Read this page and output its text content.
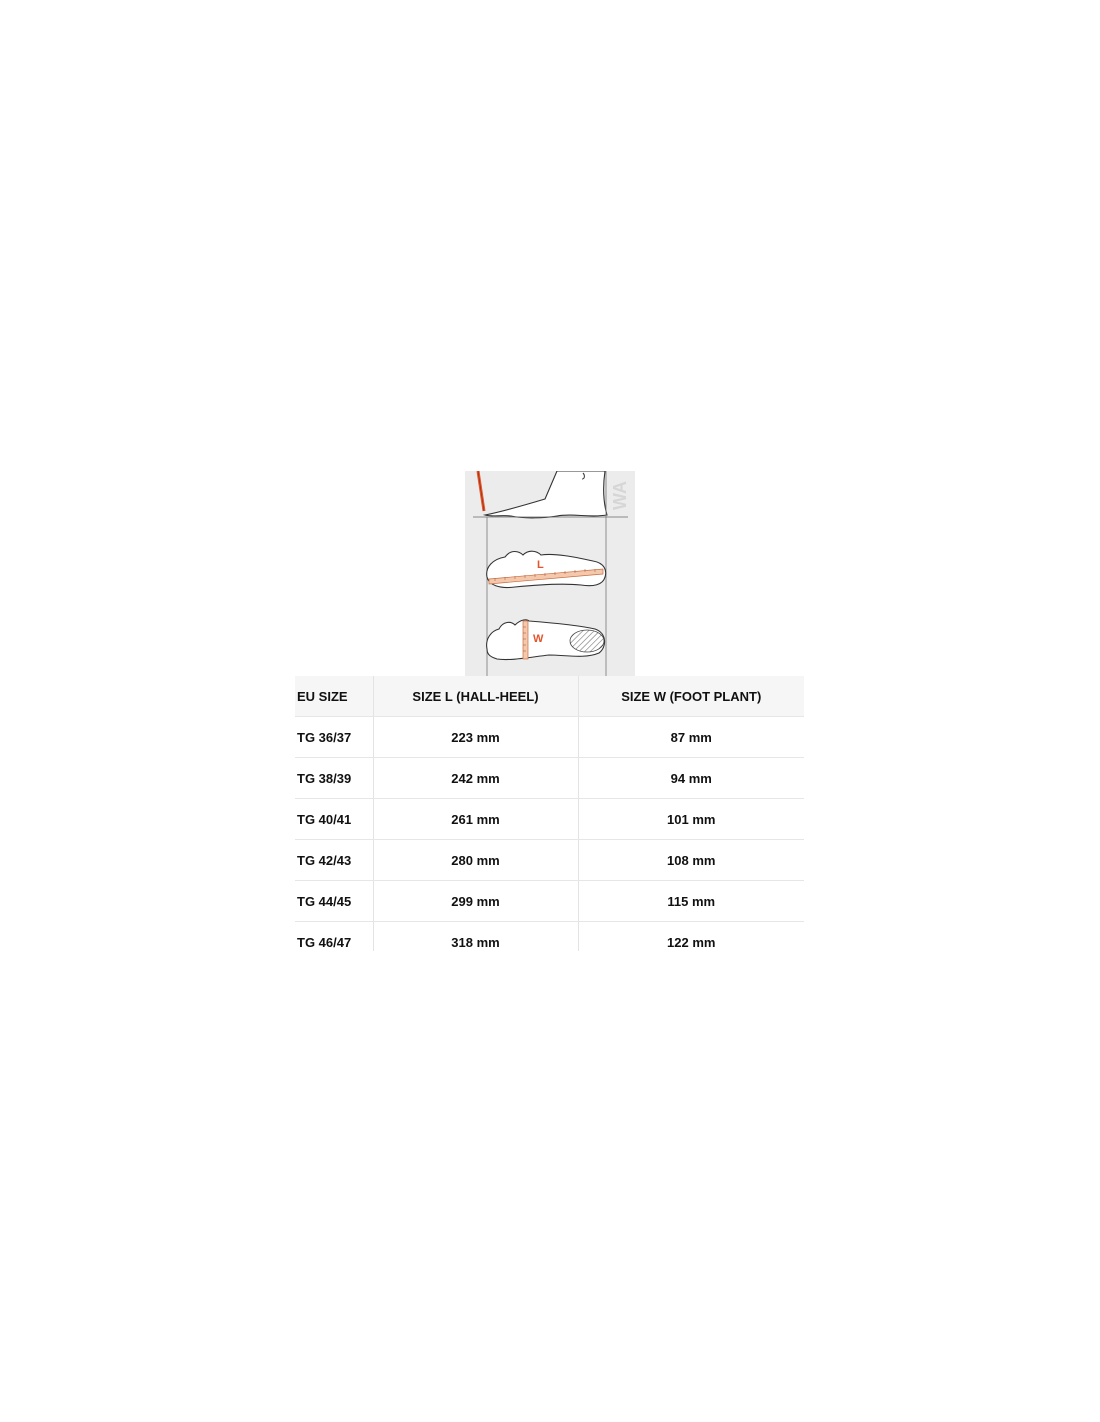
L
W
WA
EU SIZE	SIZE L (HALL-HEEL)	SIZE W (FOOT PLANT)
TG 36/37	223 mm	87 mm
TG 38/39	242 mm	94 mm
TG 40/41	261 mm	101 mm
TG 42/43	280 mm	108 mm
TG 44/45	299 mm	115 mm
TG 46/47	318 mm	122 mm
